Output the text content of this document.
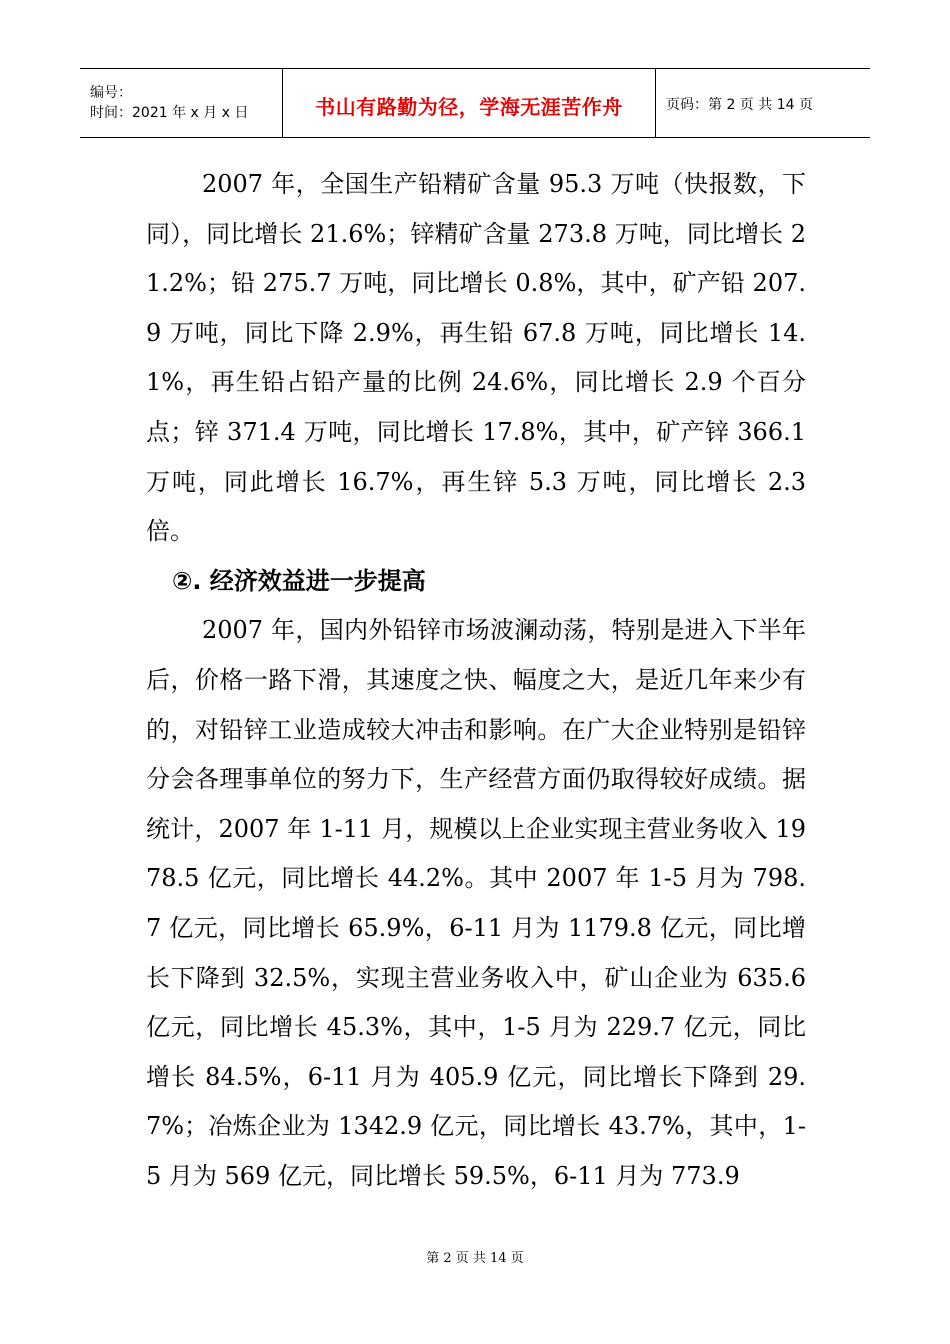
编号：
时间：2021 年 x 月 x 日	书山有路勤为径，学海无涯苦作舟	页码：第 2 页 共 14 页

2007 年，全国生产铅精矿含量 95.3 万吨（快报数，下同），同比增长 21.6%；锌精矿含量 273.8 万吨，同比增长 21.2%；铅 275.7 万吨，同比增长 0.8%，其中，矿产铅 207.9 万吨，同比下降 2.9%，再生铅 67.8 万吨，同比增长 14.1%，再生铅占铅产量的比例 24.6%，同比增长 2.9 个百分点；锌 371.4 万吨，同比增长 17.8%，其中，矿产锌 366.1 万吨，同此增长 16.7%，再生锌 5.3 万吨，同比增长 2.3 倍。

②. 经济效益进一步提高

2007 年，国内外铅锌市场波澜动荡，特别是进入下半年后，价格一路下滑，其速度之快、幅度之大，是近几年来少有的，对铅锌工业造成较大冲击和影响。在广大企业特别是铅锌分会各理事单位的努力下，生产经营方面仍取得较好成绩。据统计，2007 年 1-11 月，规模以上企业实现主营业务收入 1978.5 亿元，同比增长 44.2%。其中 2007 年 1-5 月为 798.7 亿元，同比增长 65.9%，6-11 月为 1179.8 亿元，同比增长下降到 32.5%，实现主营业务收入中，矿山企业为 635.6 亿元，同比增长 45.3%，其中，1-5 月为 229.7 亿元，同比增长 84.5%，6-11 月为 405.9 亿元，同比增长下降到 29.7%；冶炼企业为 1342.9 亿元，同比增长 43.7%，其中，1-5 月为 569 亿元，同比增长 59.5%，6-11 月为 773.9

第 2 页 共 14 页
